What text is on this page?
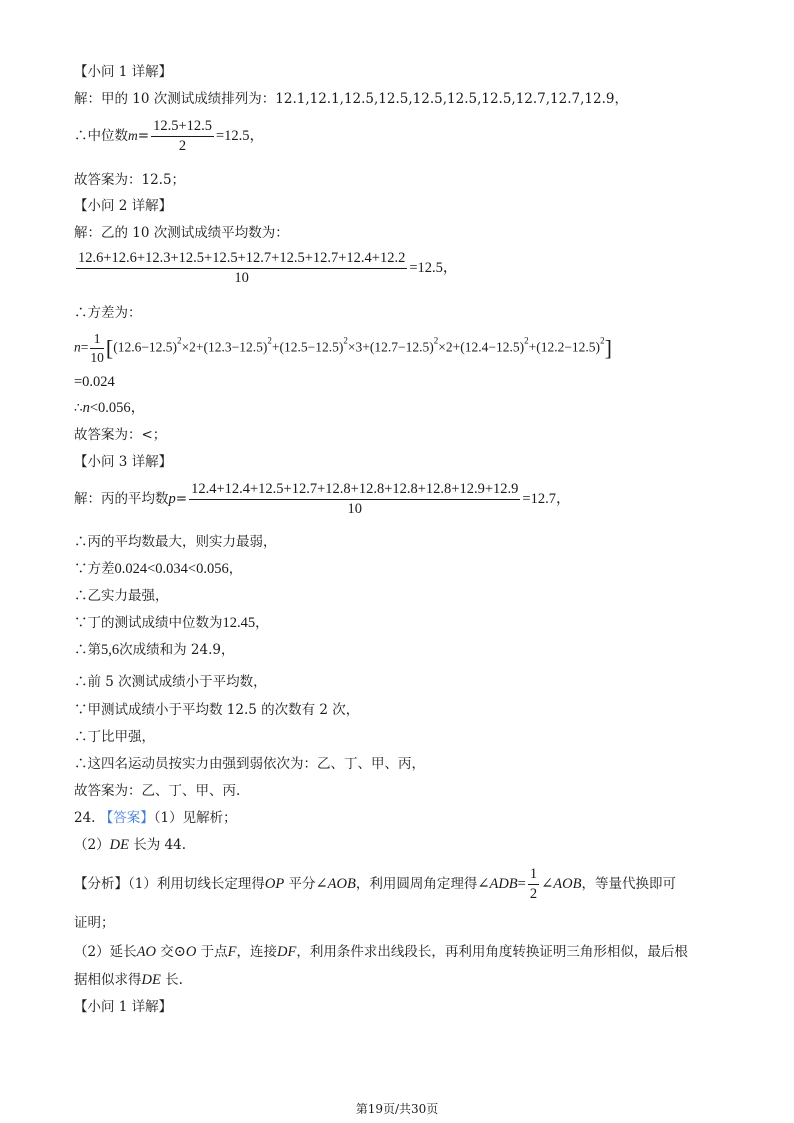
【小问 1 详解】
解：甲的 10 次测试成绩排列为：12.1,12.1,12.5,12.5,12.5,12.5,12.5,12.7,12.7,12.9，
∴中位数$m= \frac{12.5+12.5}{2} =12.5$，
故答案为：12.5；
【小问 2 详解】
解：乙的 10 次测试成绩平均数为：
$\frac{12.6+12.6+12.3+12.5+12.5+12.7+12.5+12.7+12.4+12.2}{10} =12.5$，
∴方差为：
$n= \frac{1}{10} [(12.6-12.5)^2\times 2+(12.3-12.5)^2+(12.5-12.5)^2\times 3+(12.7-12.5)^2\times 2+(12.4-12.5)^2+(12.2-12.5)^2]$
=0.024
∴n<0.056，
故答案为：<；
【小问 3 详解】
解：丙的平均数$p= \frac{12.4+12.4+12.5+12.7+12.8+12.8+12.8+12.8+12.9+12.9}{10} =12.7$，
∴丙的平均数最大，则实力最弱，
∵方差0.024<0.034<0.056，
∴乙实力最强，
∵丁的测试成绩中位数为12.45，
∴第5,6次成绩和为 24.9，
∴前 5 次测试成绩小于平均数，
∵甲测试成绩小于平均数 12.5 的次数有 2 次，
∴丁比甲强，
∴这四名运动员按实力由强到弱依次为：乙、丁、甲、丙，
故答案为：乙、丁、甲、丙.
24. 【答案】（1）见解析；
（2）DE 长为 44.
【分析】（1）利用切线长定理得OP 平分∠AOB，利用圆周角定理得∠ADB= $\frac{1}{2}$ ∠AOB，等量代换即可
证明；
（2）延长AO 交⊙O 于点F，连接DF，利用条件求出线段长，再利用角度转换证明三角形相似，最后根
据相似求得DE 长.
【小问 1 详解】
第19页/共30页
